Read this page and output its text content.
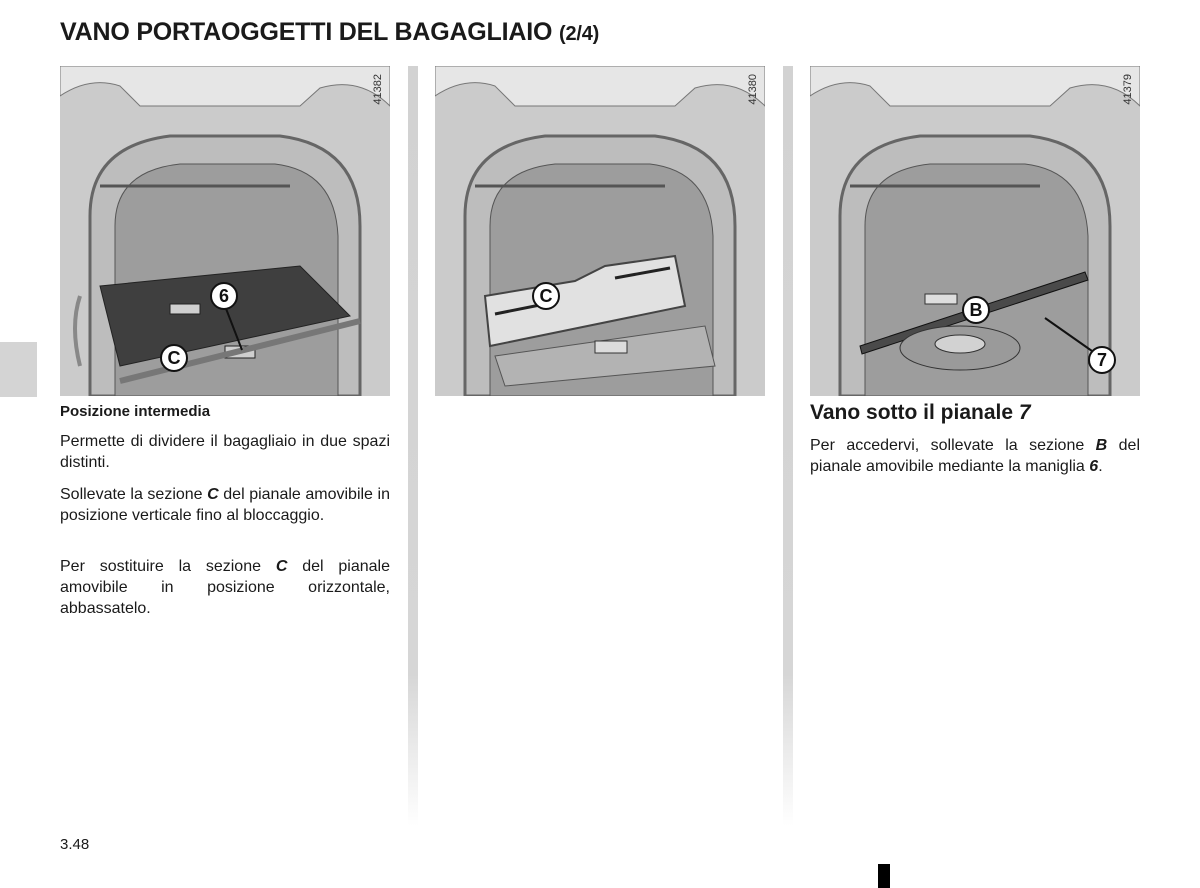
VANO PORTAOGGETTI DEL BAGAGLIAIO (2/4)
41382
6
C
41380
C
41379
B
7
Posizione intermedia

Permette di dividere il bagagliaio in due spazi distinti.

Sollevate la sezione C del pianale amovibile in posizione verticale fino al bloccaggio.

Per sostituire la sezione C del pianale amovibile in posizione orizzontale, abbassatelo.

Vano sotto il pianale 7

Per accedervi, sollevate la sezione B del pianale amovibile mediante la maniglia 6.

3.48
